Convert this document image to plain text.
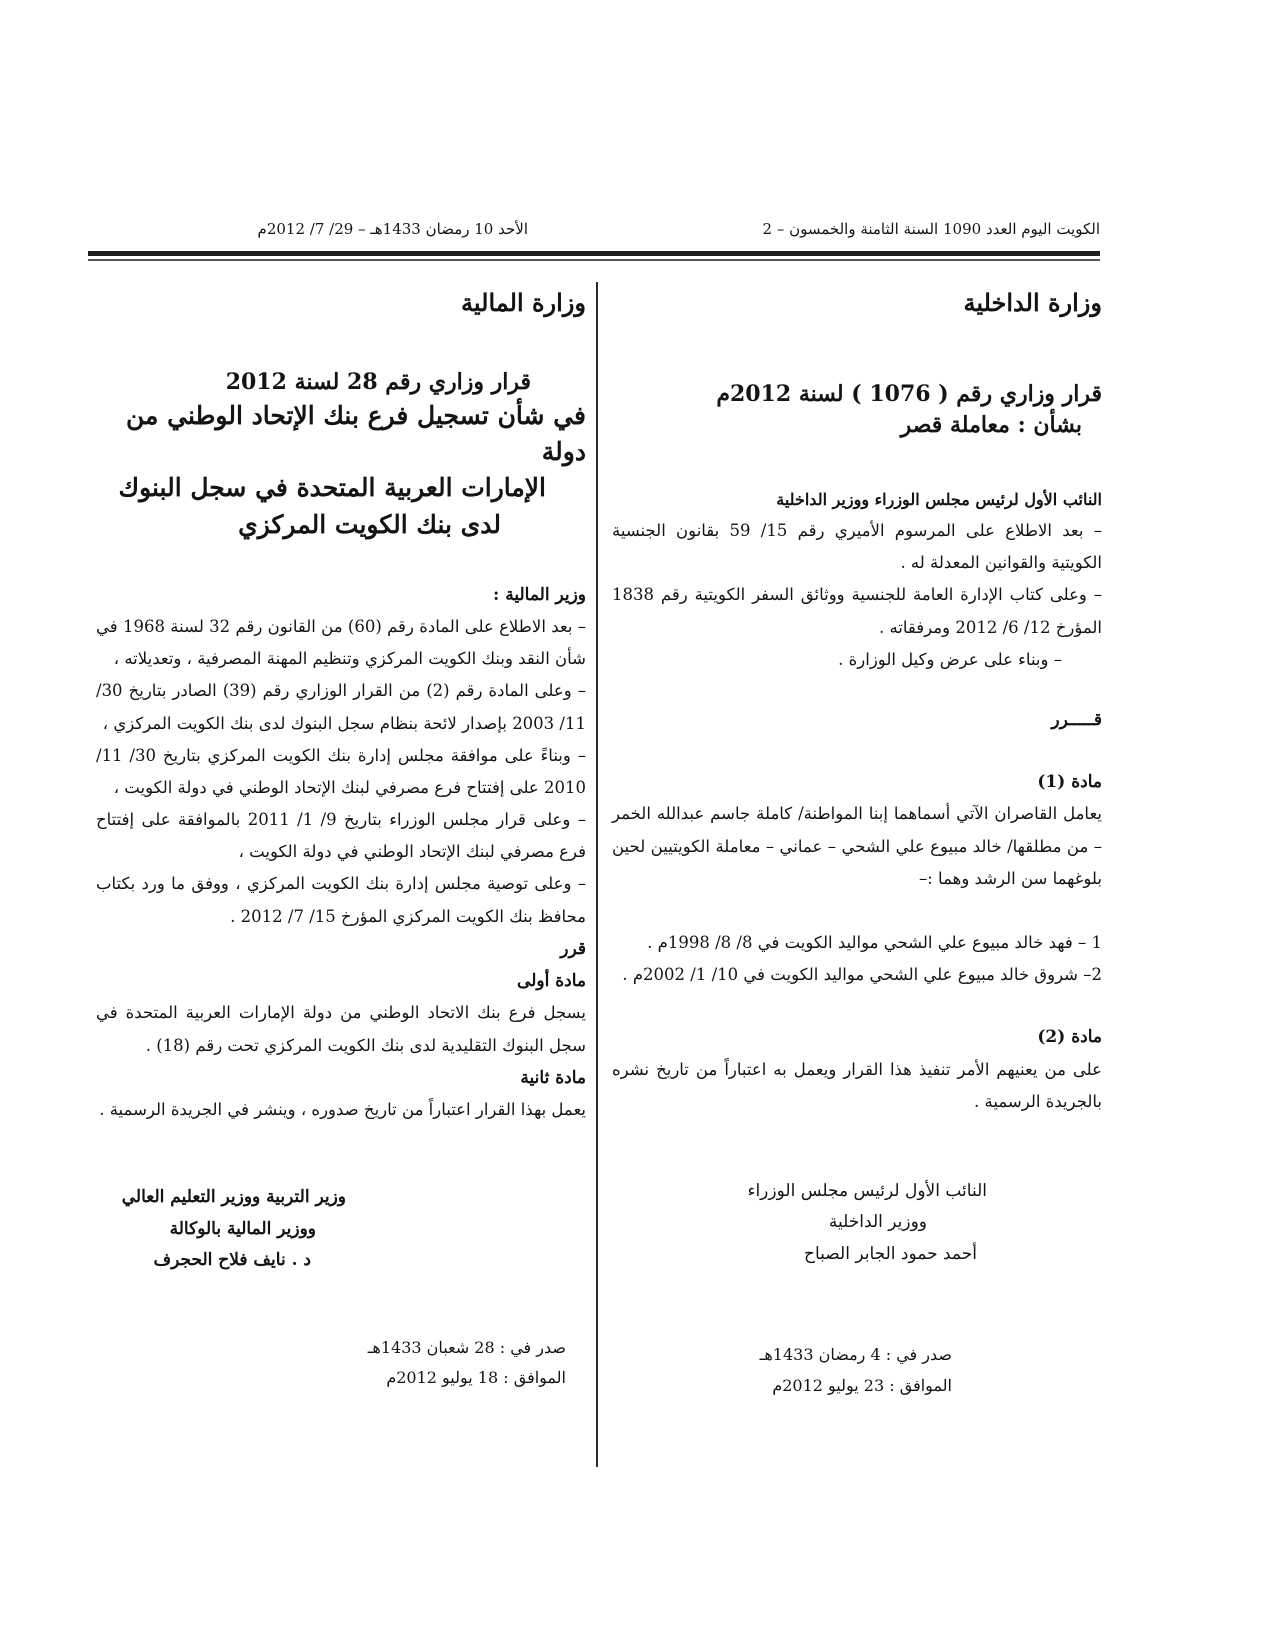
الكويت اليوم العدد 1090 السنة الثامنة والخمسون – 2
الأحد 10 رمضان 1433هـ – 29/ 7/ 2012م

وزارة الداخلية

قرار وزاري رقم ( 1076 ) لسنة 2012م

بشأن : معاملة قصر

النائب الأول لرئيس مجلس الوزراء ووزير الداخلية

– بعد الاطلاع على المرسوم الأميري رقم 15/ 59 بقانون الجنسية الكويتية والقوانين المعدلة له .

– وعلى كتاب الإدارة العامة للجنسية ووثائق السفر الكويتية رقم 1838 المؤرخ 12/ 6/ 2012 ومرفقاته .

– وبناء على عرض وكيل الوزارة .

قـــــرر

مادة (1)

يعامل القاصران الآتي أسماهما إبنا المواطنة/ كاملة جاسم عبدالله الخمر – من مطلقها/ خالد مبيوع علي الشحي – عماني – معاملة الكويتيين لحين بلوغهما سن الرشد وهما :–

1 – فهد خالد مبيوع علي الشحي مواليد الكويت في 8/ 8/ 1998م .

2– شروق خالد مبيوع علي الشحي مواليد الكويت في 10/ 1/ 2002م .

مادة (2)

على من يعنيهم الأمر تنفيذ هذا القرار ويعمل به اعتباراً من تاريخ نشره بالجريدة الرسمية .

النائب الأول لرئيس مجلس الوزراء

ووزير الداخلية

أحمد حمود الجابر الصباح

صدر في : 4 رمضان 1433هـ

الموافق : 23 يوليو 2012م

وزارة المالية

قرار وزاري رقم 28 لسنة 2012

في شأن تسجيل فرع بنك الإتحاد الوطني من دولة

الإمارات العربية المتحدة في سجل البنوك

لدى بنك الكويت المركزي

وزير المالية :

– بعد الاطلاع على المادة رقم (60) من القانون رقم 32 لسنة 1968 في شأن النقد وبنك الكويت المركزي وتنظيم المهنة المصرفية ، وتعديلاته ،

– وعلى المادة رقم (2) من القرار الوزاري رقم (39) الصادر بتاريخ 30/ 11/ 2003 بإصدار لائحة بنظام سجل البنوك لدى بنك الكويت المركزي ،

– وبناءً على موافقة مجلس إدارة بنك الكويت المركزي بتاريخ 30/ 11/ 2010 على إفتتاح فرع مصرفي لبنك الإتحاد الوطني في دولة الكويت ،

– وعلى قرار مجلس الوزراء بتاريخ 9/ 1/ 2011 بالموافقة على إفتتاح فرع مصرفي لبنك الإتحاد الوطني في دولة الكويت ،

– وعلى توصية مجلس إدارة بنك الكويت المركزي ، ووفق ما ورد بكتاب محافظ بنك الكويت المركزي المؤرخ 15/ 7/ 2012 .

قرر

مادة أولى

يسجل فرع بنك الاتحاد الوطني من دولة الإمارات العربية المتحدة في سجل البنوك التقليدية لدى بنك الكويت المركزي تحت رقم (18) .

مادة ثانية

يعمل بهذا القرار اعتباراً من تاريخ صدوره ، وينشر في الجريدة الرسمية .

وزير التربية ووزير التعليم العالي

ووزير المالية بالوكالة

د . نايف فلاح الحجرف

صدر في : 28 شعبان 1433هـ

الموافق : 18 يوليو 2012م
